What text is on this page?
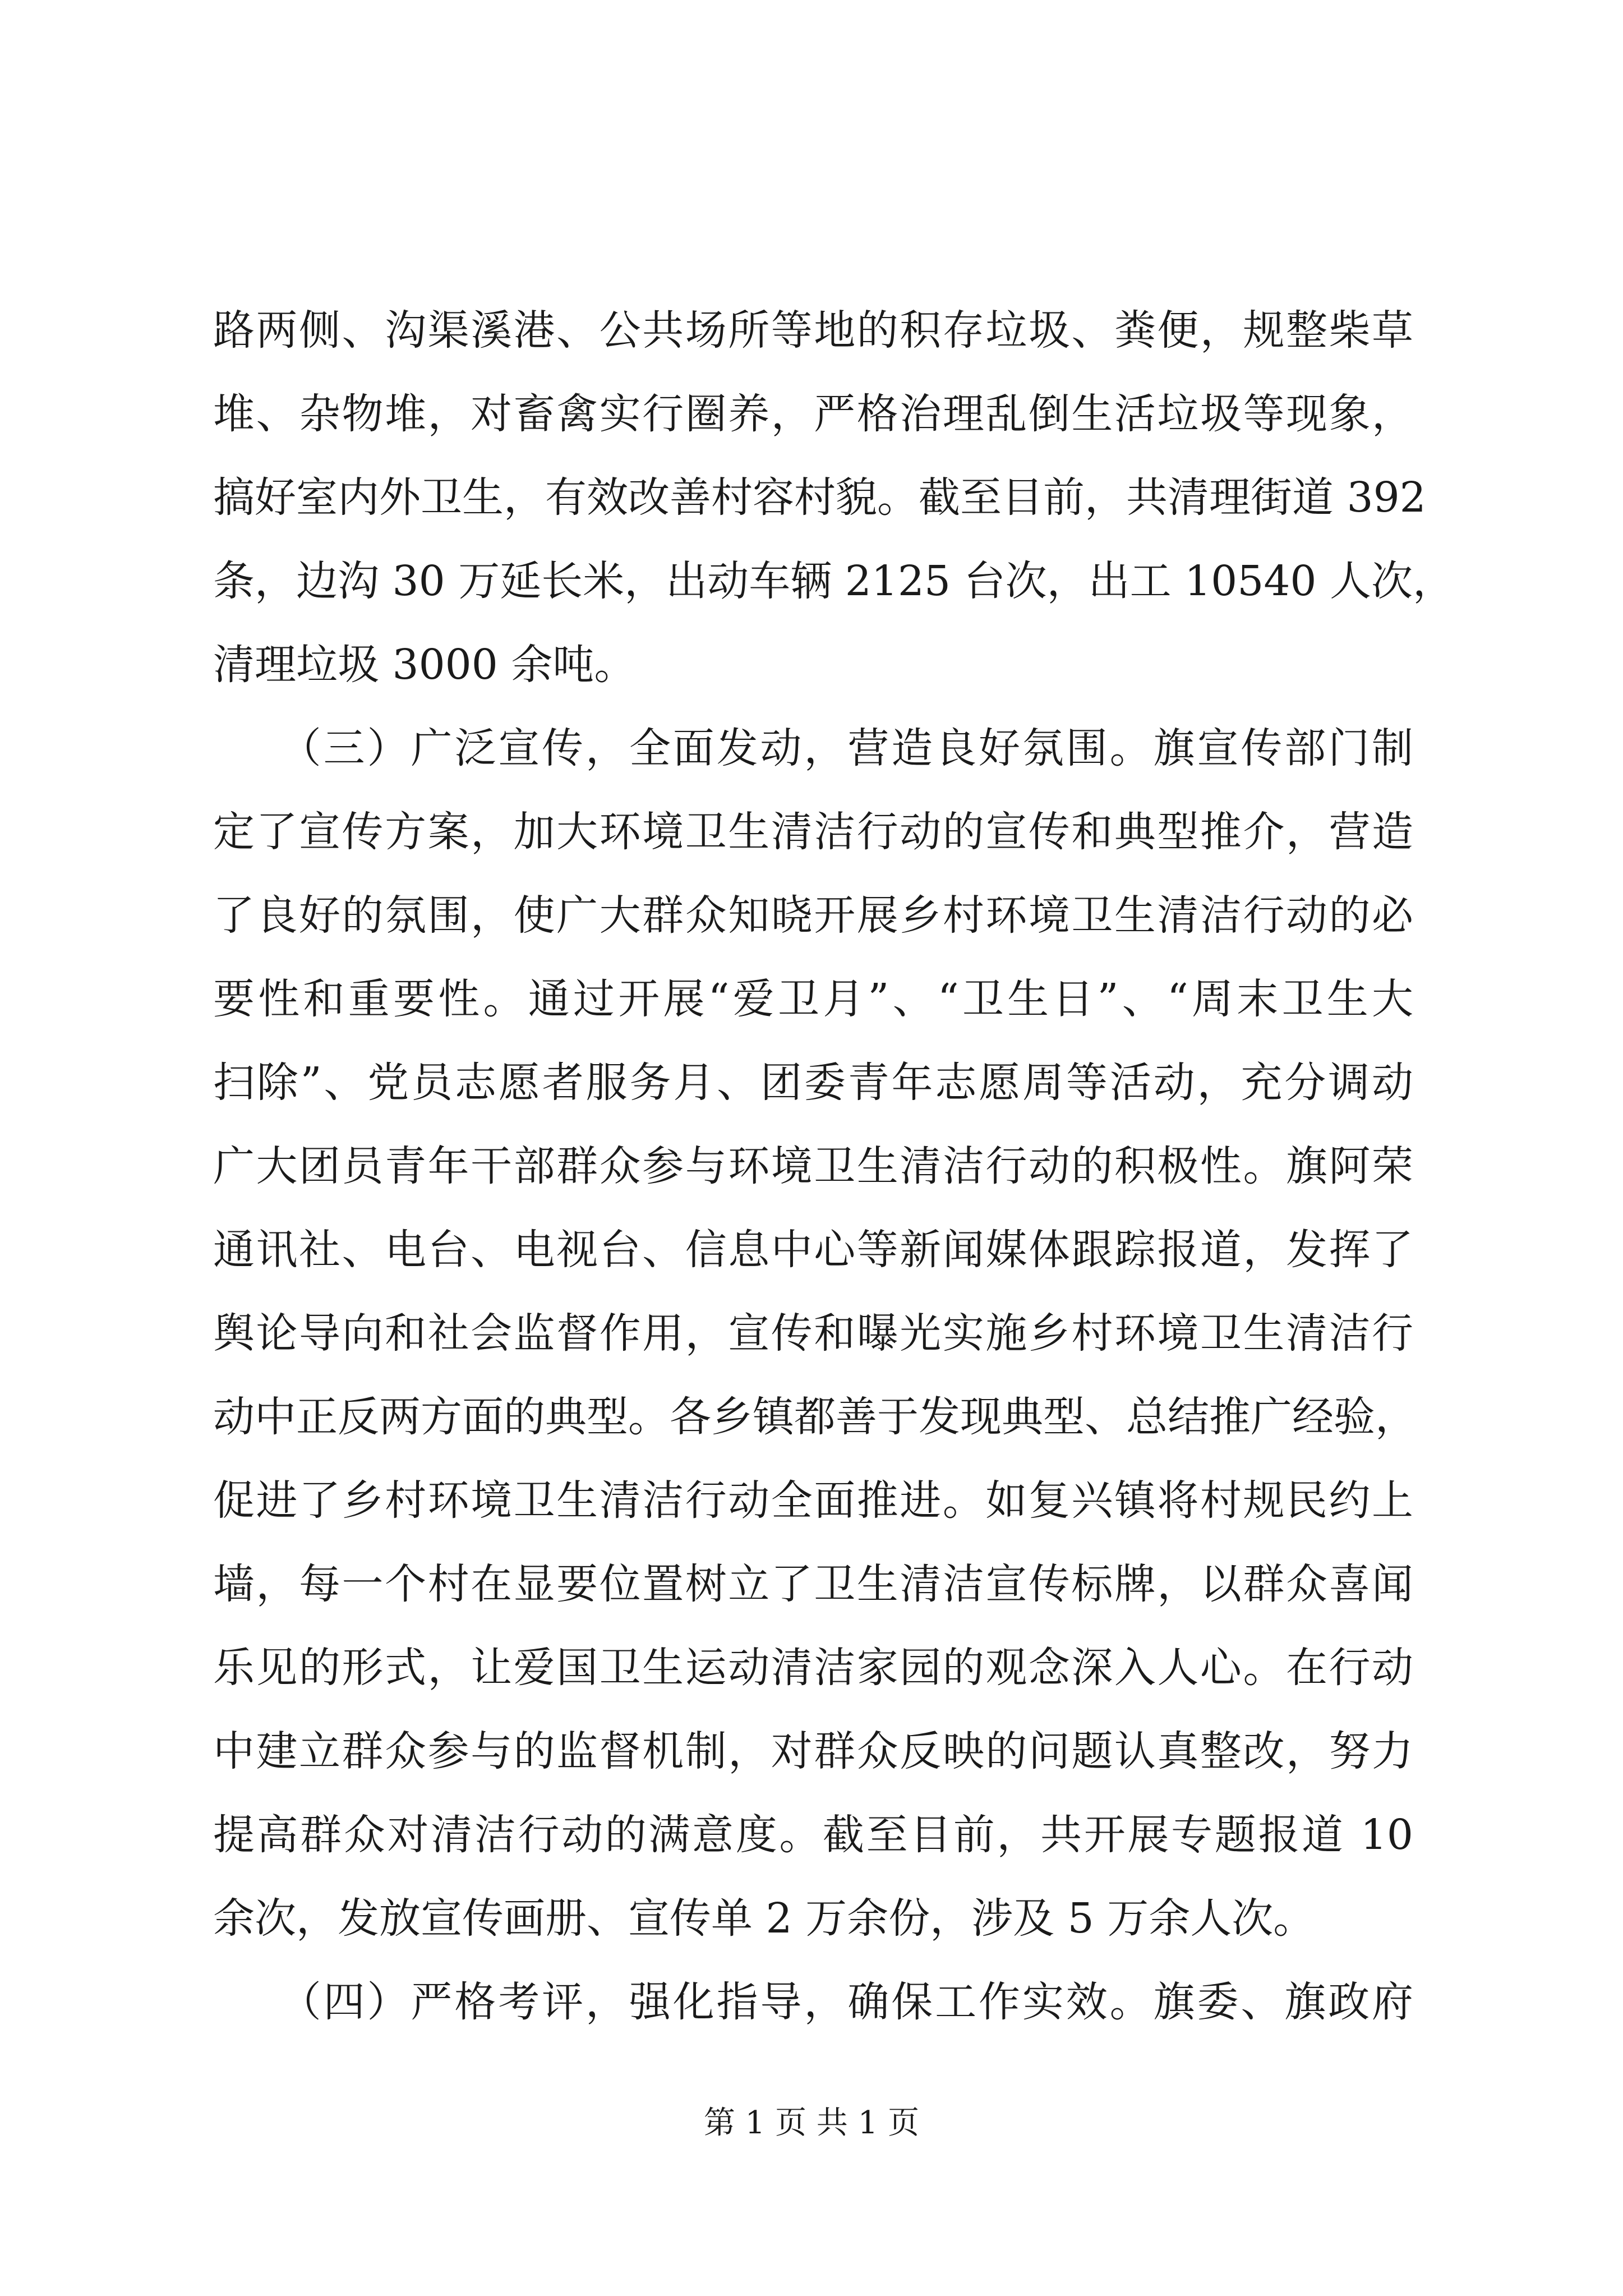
路两侧、沟渠溪港、公共场所等地的积存垃圾、粪便，规整柴草
堆、杂物堆，对畜禽实行圈养，严格治理乱倒生活垃圾等现象，
搞好室内外卫生，有效改善村容村貌。截至目前，共清理街道 392
条，边沟 30 万延长米，出动车辆 2125 台次，出工 10540 人次，
清理垃圾 3000 余吨。
　　（三）广泛宣传，全面发动，营造良好氛围。旗宣传部门制
定了宣传方案，加大环境卫生清洁行动的宣传和典型推介，营造
了良好的氛围，使广大群众知晓开展乡村环境卫生清洁行动的必
要性和重要性。通过开展“爱卫月”、“卫生日”、“周末卫生大
扫除”、党员志愿者服务月、团委青年志愿周等活动，充分调动
广大团员青年干部群众参与环境卫生清洁行动的积极性。旗阿荣
通讯社、电台、电视台、信息中心等新闻媒体跟踪报道，发挥了
舆论导向和社会监督作用，宣传和曝光实施乡村环境卫生清洁行
动中正反两方面的典型。各乡镇都善于发现典型、总结推广经验，
促进了乡村环境卫生清洁行动全面推进。如复兴镇将村规民约上
墙，每一个村在显要位置树立了卫生清洁宣传标牌，以群众喜闻
乐见的形式，让爱国卫生运动清洁家园的观念深入人心。在行动
中建立群众参与的监督机制，对群众反映的问题认真整改，努力
提高群众对清洁行动的满意度。截至目前，共开展专题报道 10
余次，发放宣传画册、宣传单 2 万余份，涉及 5 万余人次。
　　（四）严格考评，强化指导，确保工作实效。旗委、旗政府
第 1 页 共 1 页
